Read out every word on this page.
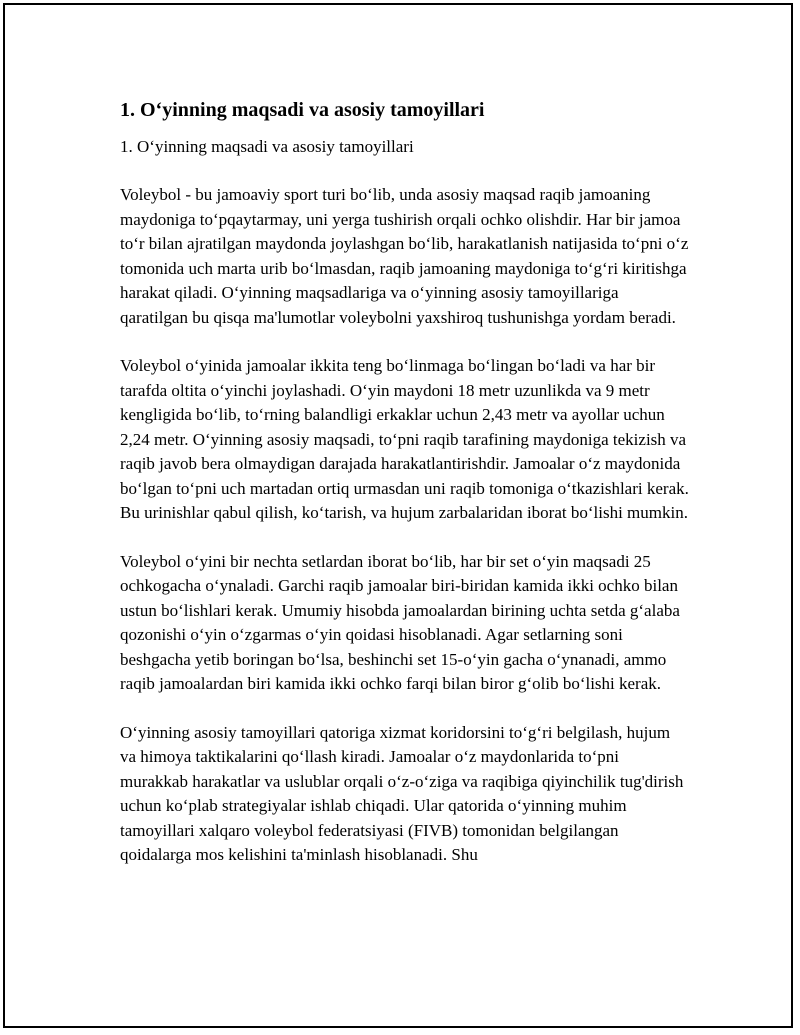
1. O‘yinning maqsadi va asosiy tamoyillari

1. O‘yinning maqsadi va asosiy tamoyillari

Voleybol - bu jamoaviy sport turi bo‘lib, unda asosiy maqsad raqib jamoaning maydoniga to‘pqaytarmay, uni yerga tushirish orqali ochko olishdir. Har bir jamoa to‘r bilan ajratilgan maydonda joylashgan bo‘lib, harakatlanish natijasida to‘pni o‘z tomonida uch marta urib bo‘lmasdan, raqib jamoaning maydoniga to‘g‘ri kiritishga harakat qiladi. O‘yinning maqsadlariga va o‘yinning asosiy tamoyillariga qaratilgan bu qisqa ma'lumotlar voleybolni yaxshiroq tushunishga yordam beradi.

Voleybol o‘yinida jamoalar ikkita teng bo‘linmaga bo‘lingan bo‘ladi va har bir tarafda oltita o‘yinchi joylashadi. O‘yin maydoni 18 metr uzunlikda va 9 metr kengligida bo‘lib, to‘rning balandligi erkaklar uchun 2,43 metr va ayollar uchun 2,24 metr. O‘yinning asosiy maqsadi, to‘pni raqib tarafining maydoniga tekizish va raqib javob bera olmaydigan darajada harakatlantirishdir. Jamoalar o‘z maydonida bo‘lgan to‘pni uch martadan ortiq urmasdan uni raqib tomoniga o‘tkazishlari kerak. Bu urinishlar qabul qilish, ko‘tarish, va hujum zarbalaridan iborat bo‘lishi mumkin.

Voleybol o‘yini bir nechta setlardan iborat bo‘lib, har bir set o‘yin maqsadi 25 ochkogacha o‘ynaladi. Garchi raqib jamoalar biri-biridan kamida ikki ochko bilan ustun bo‘lishlari kerak. Umumiy hisobda jamoalardan birining uchta setda g‘alaba qozonishi o‘yin o‘zgarmas o‘yin qoidasi hisoblanadi. Agar setlarning soni beshgacha yetib boringan bo‘lsa, beshinchi set 15-o‘yin gacha o‘ynanadi, ammo raqib jamoalardan biri kamida ikki ochko farqi bilan biror g‘olib bo‘lishi kerak.

O‘yinning asosiy tamoyillari qatoriga xizmat koridorsini to‘g‘ri belgilash, hujum va himoya taktikalarini qo‘llash kiradi. Jamoalar o‘z maydonlarida to‘pni murakkab harakatlar va uslublar orqali o‘z-o‘ziga va raqibiga qiyinchilik tug'dirish uchun ko‘plab strategiyalar ishlab chiqadi. Ular qatorida o‘yinning muhim tamoyillari xalqaro voleybol federatsiyasi (FIVB) tomonidan belgilangan qoidalarga mos kelishini ta'minlash hisoblanadi. Shu
